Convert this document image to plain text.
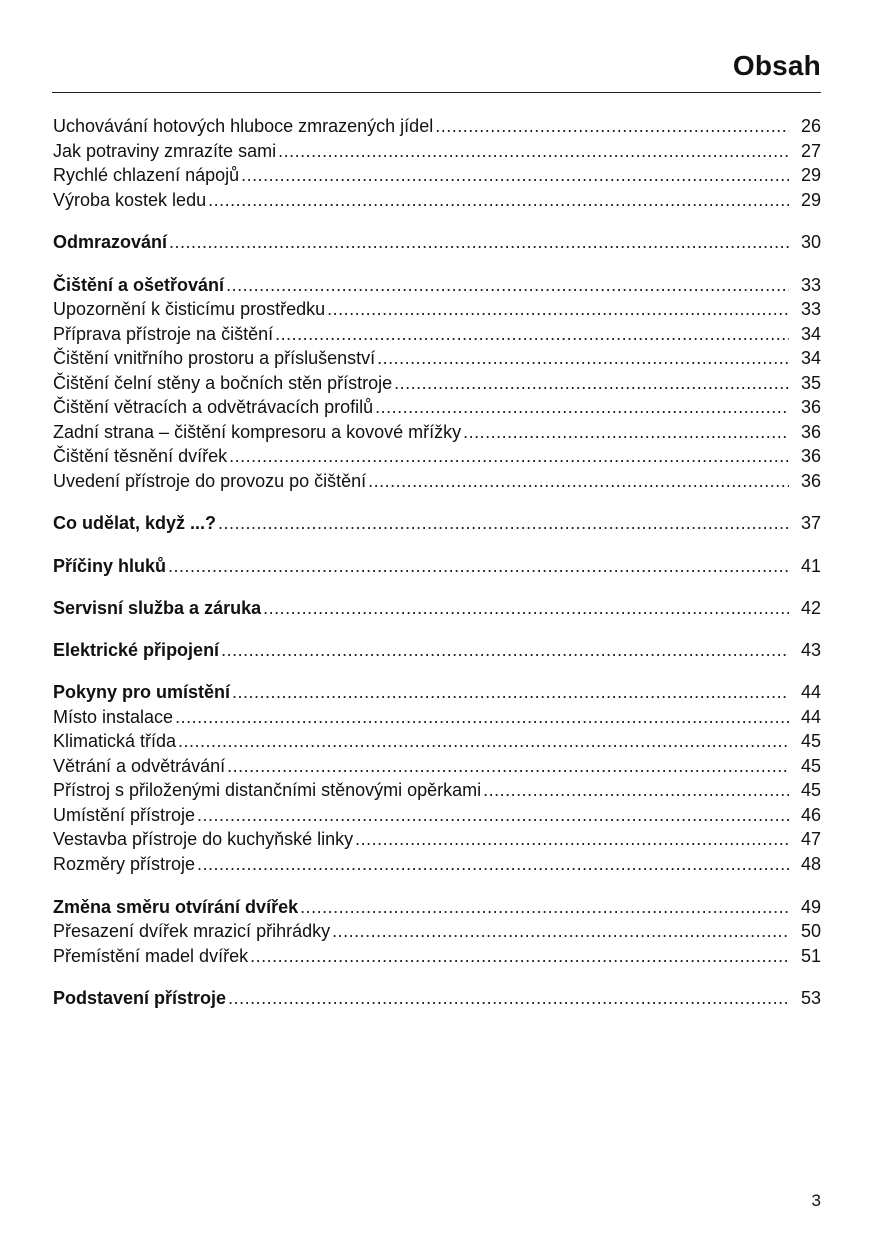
Obsah
Uchovávání hotových hluboce zmrazených jídel .....	26
Jak potraviny zmrazíte sami .....	27
Rychlé chlazení nápojů .....	29
Výroba kostek ledu .....	29
Odmrazování .....	30
Čištění a ošetřování .....	33
Upozornění k čisticímu prostředku .....	33
Příprava přístroje na čištění .....	34
Čištění vnitřního prostoru a příslušenství .....	34
Čištění čelní stěny a bočních stěn přístroje .....	35
Čištění větracích a odvětrávacích profilů .....	36
Zadní strana – čištění kompresoru a kovové mřížky .....	36
Čištění těsnění dvířek .....	36
Uvedení přístroje do provozu po čištění .....	36
Co udělat, když ...? .....	37
Příčiny hluků .....	41
Servisní služba a záruka .....	42
Elektrické připojení .....	43
Pokyny pro umístění .....	44
Místo instalace .....	44
Klimatická třída .....	45
Větrání a odvětrávání .....	45
Přístroj s přiloženými distančními stěnovými opěrkami .....	45
Umístění přístroje .....	46
Vestavba přístroje do kuchyňské linky .....	47
Rozměry přístroje .....	48
Změna směru otvírání dvířek .....	49
Přesazení dvířek mrazicí přihrádky .....	50
Přemístění madel dvířek .....	51
Podstavení přístroje .....	53
3
